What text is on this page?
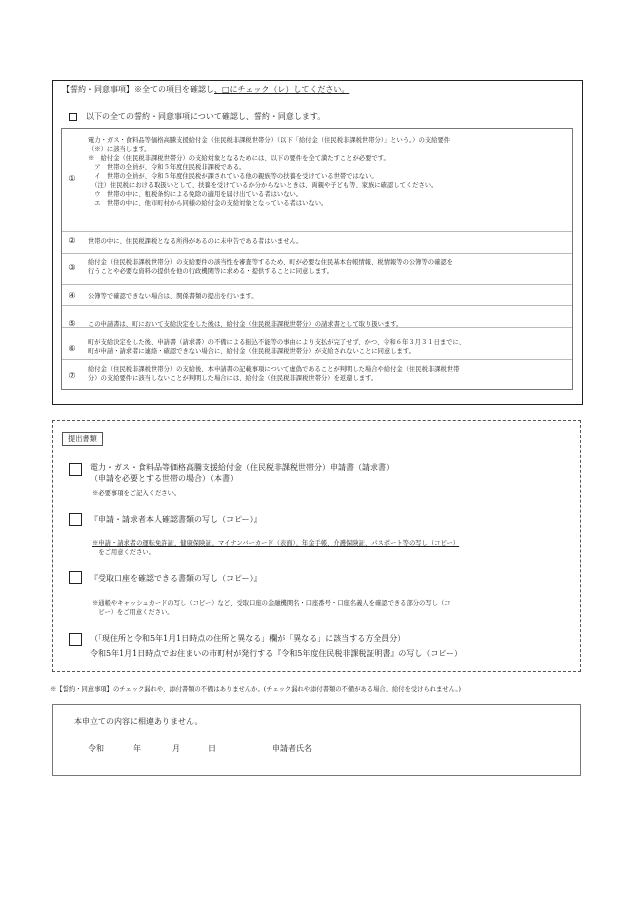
【誓約・同意事項】※全ての項目を確認し、□にチェック（レ）してください。
以下の全ての誓約・同意事項について確認し、誓約・同意します。
①
電力・ガス・食料品等価格高騰支援給付金（住民税非課税世帯分）（以下「給付金（住民税非課税世帯分）」という。）の支給要件
（※）に該当します。
※　給付金（住民税非課税世帯分）の支給対象となるためには、以下の要件を全て満たすことが必要です。
　ア　世帯の全員が、令和５年度住民税非課税である。
　イ　世帯の全員が、令和５年度住民税が課されている他の親族等の扶養を受けている世帯ではない。
　（注）住民税における取扱いとして、扶養を受けているか分からないときは、両親や子ども等、家族に確認してください。
　ウ　世帯の中に、租税条約による免除の適用を届け出ている者はいない。
　エ　世帯の中に、他市町村から同様の給付金の支給対象となっている者はいない。
②	世帯の中に、住民税課税となる所得があるのに未申告である者はいません。
③
給付金（住民税非課税世帯分）の支給要件の該当性を審査等するため、町が必要な住民基本台帳情報、税情報等の公簿等の確認を
行うことや必要な資料の提供を他の行政機関等に求める・提供することに同意します。
④	公簿等で確認できない場合は、関係書類の提出を行います。
⑤	この申請書は、町において支給決定をした後は、給付金（住民税非課税世帯分）の請求書として取り扱います。
⑥
町が支給決定をした後、申請書（請求書）の不備による振込不能等の事由により支払が完了せず、かつ、令和６年３月３１日までに、
町が申請・請求者に連絡・確認できない場合に、給付金（住民税非課税世帯分）が支給されないことに同意します。
⑦
給付金（住民税非課税世帯分）の支給後、本申請書の記載事項について虚偽であることが判明した場合や給付金（住民税非課税世帯
分）の支給要件に該当しないことが判明した場合には、給付金（住民税非課税世帯分）を返還します。
提出書類
電力・ガス・食料品等価格高騰支援給付金（住民税非課税世帯分）申請書（請求書）
（申請を必要とする世帯の場合）（本書）
※必要事項をご記入ください。
『申請・請求者本人確認書類の写し（コピー）』
※申請・請求者の運転免許証、健康保険証、マイナンバーカード（表面）、年金手帳、介護保険証、パスポート等の写し（コピー）
　をご用意ください。
『受取口座を確認できる書類の写し（コピー）』
※通帳やキャッシュカードの写し（コピー）など、受取口座の金融機関名・口座番号・口座名義人を確認できる部分の写し（コ
　ピー）をご用意ください。
（「現住所と令和5年1月1日時点の住所と異なる」欄が「異なる」に該当する方全員分）
令和5年1月1日時点でお住まいの市町村が発行する『令和5年度住民税非課税証明書』の写し（コピー）
※【誓約・同意事項】のチェック漏れや、添付書類の不備はありませんか。(チェック漏れや添付書類の不備がある場合、給付を受けられません。)
本申立ての内容に相違ありません。
令和	年	月	日	申請者氏名
